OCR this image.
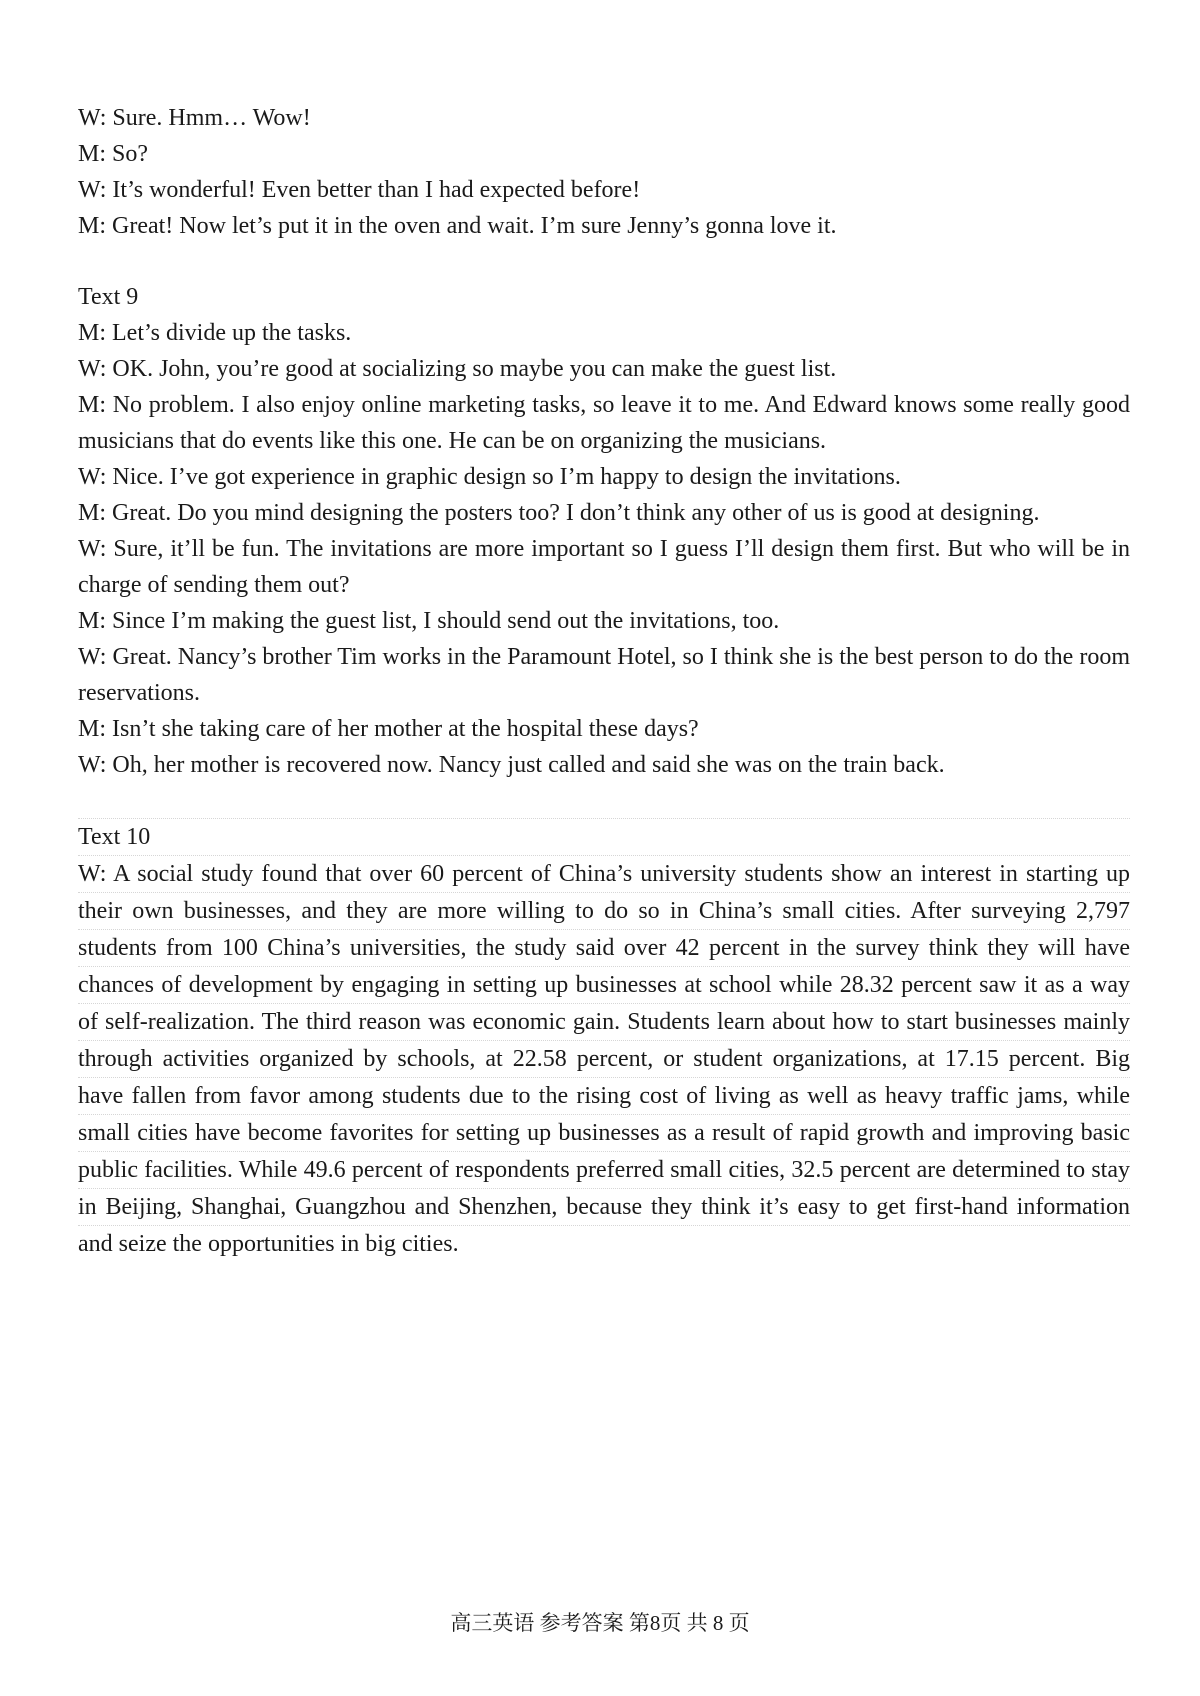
W: Sure. Hmm… Wow!
M: So?
W: It’s wonderful! Even better than I had expected before!
M: Great! Now let’s put it in the oven and wait. I’m sure Jenny’s gonna love it.
Text 9
M: Let’s divide up the tasks.
W: OK. John, you’re good at socializing so maybe you can make the guest list.
M: No problem. I also enjoy online marketing tasks, so leave it to me. And Edward knows some really good
musicians that do events like this one. He can be on organizing the musicians.
W: Nice. I’ve got experience in graphic design so I’m happy to design the invitations.
M: Great. Do you mind designing the posters too? I don’t think any other of us is good at designing.
W: Sure, it’ll be fun. The invitations are more important so I guess I’ll design them first. But who will be in
charge of sending them out?
M: Since I’m making the guest list, I should send out the invitations, too.
W: Great. Nancy’s brother Tim works in the Paramount Hotel, so I think she is the best person to do the room
reservations.
M: Isn’t she taking care of her mother at the hospital these days?
W: Oh, her mother is recovered now. Nancy just called and said she was on the train back.
Text 10
W: A social study found that over 60 percent of China’s university students show an interest in starting up
their own businesses, and they are more willing to do so in China’s small cities. After surveying 2,797
students from 100 China’s universities, the study said over 42 percent in the survey think they will have
chances of development by engaging in setting up businesses at school while 28.32 percent saw it as a way
of self-realization. The third reason was economic gain. Students learn about how to start businesses mainly
through activities organized by schools, at 22.58 percent, or student organizations, at 17.15 percent. Big
have fallen from favor among students due to the rising cost of living as well as heavy traffic jams, while
small cities have become favorites for setting up businesses as a result of rapid growth and improving basic
public facilities. While 49.6 percent of respondents preferred small cities, 32.5 percent are determined to stay
in Beijing, Shanghai, Guangzhou and Shenzhen, because they think it’s easy to get first-hand information
and seize the opportunities in big cities.
高三英语 参考答案 第8页 共 8 页
